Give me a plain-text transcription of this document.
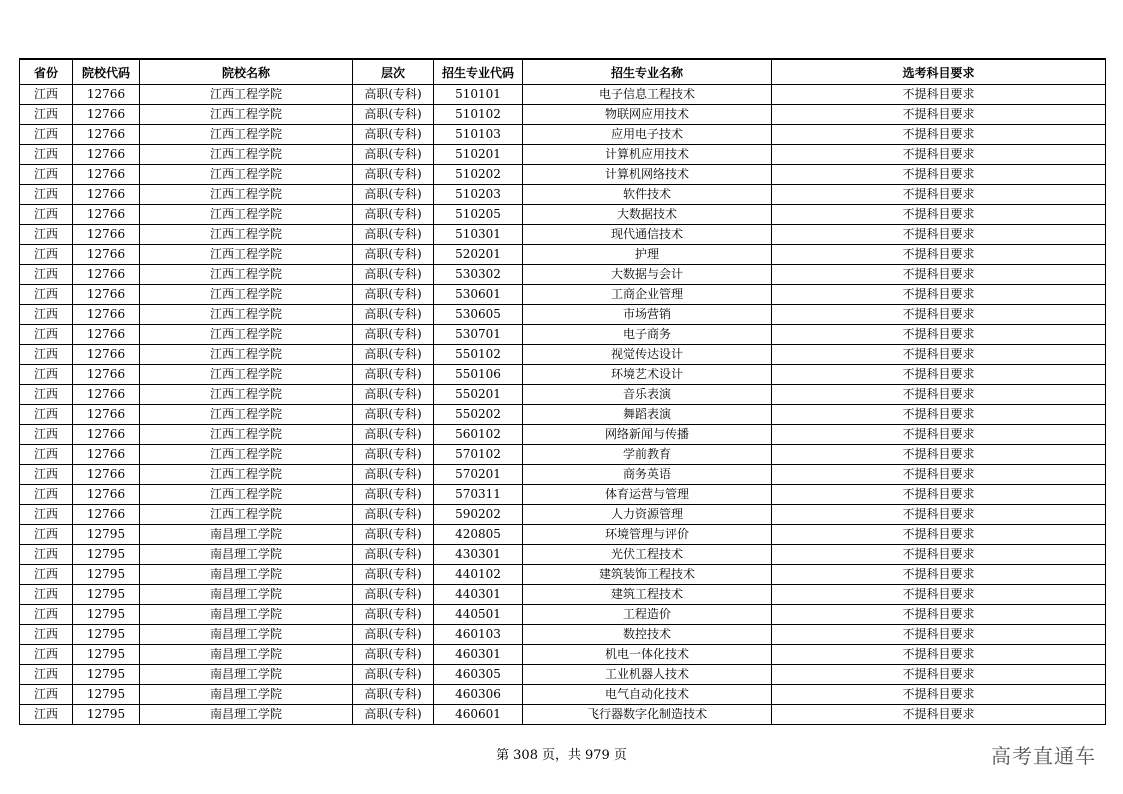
省份	院校代码	院校名称	层次	招生专业代码	招生专业名称	选考科目要求
江西	12766	江西工程学院	高职(专科)	510101	电子信息工程技术	不提科目要求
江西	12766	江西工程学院	高职(专科)	510102	物联网应用技术	不提科目要求
江西	12766	江西工程学院	高职(专科)	510103	应用电子技术	不提科目要求
江西	12766	江西工程学院	高职(专科)	510201	计算机应用技术	不提科目要求
江西	12766	江西工程学院	高职(专科)	510202	计算机网络技术	不提科目要求
江西	12766	江西工程学院	高职(专科)	510203	软件技术	不提科目要求
江西	12766	江西工程学院	高职(专科)	510205	大数据技术	不提科目要求
江西	12766	江西工程学院	高职(专科)	510301	现代通信技术	不提科目要求
江西	12766	江西工程学院	高职(专科)	520201	护理	不提科目要求
江西	12766	江西工程学院	高职(专科)	530302	大数据与会计	不提科目要求
江西	12766	江西工程学院	高职(专科)	530601	工商企业管理	不提科目要求
江西	12766	江西工程学院	高职(专科)	530605	市场营销	不提科目要求
江西	12766	江西工程学院	高职(专科)	530701	电子商务	不提科目要求
江西	12766	江西工程学院	高职(专科)	550102	视觉传达设计	不提科目要求
江西	12766	江西工程学院	高职(专科)	550106	环境艺术设计	不提科目要求
江西	12766	江西工程学院	高职(专科)	550201	音乐表演	不提科目要求
江西	12766	江西工程学院	高职(专科)	550202	舞蹈表演	不提科目要求
江西	12766	江西工程学院	高职(专科)	560102	网络新闻与传播	不提科目要求
江西	12766	江西工程学院	高职(专科)	570102	学前教育	不提科目要求
江西	12766	江西工程学院	高职(专科)	570201	商务英语	不提科目要求
江西	12766	江西工程学院	高职(专科)	570311	体育运营与管理	不提科目要求
江西	12766	江西工程学院	高职(专科)	590202	人力资源管理	不提科目要求
江西	12795	南昌理工学院	高职(专科)	420805	环境管理与评价	不提科目要求
江西	12795	南昌理工学院	高职(专科)	430301	光伏工程技术	不提科目要求
江西	12795	南昌理工学院	高职(专科)	440102	建筑装饰工程技术	不提科目要求
江西	12795	南昌理工学院	高职(专科)	440301	建筑工程技术	不提科目要求
江西	12795	南昌理工学院	高职(专科)	440501	工程造价	不提科目要求
江西	12795	南昌理工学院	高职(专科)	460103	数控技术	不提科目要求
江西	12795	南昌理工学院	高职(专科)	460301	机电一体化技术	不提科目要求
江西	12795	南昌理工学院	高职(专科)	460305	工业机器人技术	不提科目要求
江西	12795	南昌理工学院	高职(专科)	460306	电气自动化技术	不提科目要求
江西	12795	南昌理工学院	高职(专科)	460601	飞行器数字化制造技术	不提科目要求
第 308 页，共 979 页	高考直通车
